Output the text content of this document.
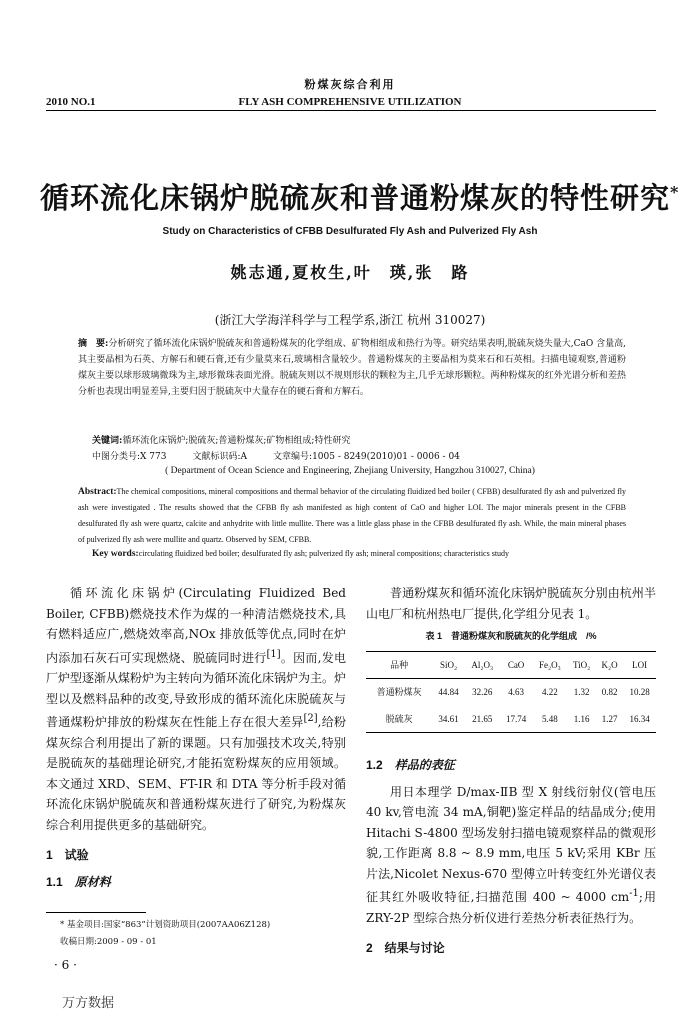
粉煤灰综合利用
2010 NO.1	FLY ASH COMPREHENSIVE UTILIZATION
循环流化床锅炉脱硫灰和普通粉煤灰的特性研究*
Study on Characteristics of CFBB Desulfurated Fly Ash and Pulverized Fly Ash
姚志通,夏枚生,叶　瑛,张　路
(浙江大学海洋科学与工程学系,浙江 杭州 310027)
摘　要:分析研究了循环流化床锅炉脱硫灰和普通粉煤灰的化学组成、矿物相组成和热行为等。研究结果表明,脱硫灰烧失量大,CaO 含量高,其主要晶相为石英、方解石和硬石膏,还有少量莫来石,玻璃相含量较少。普通粉煤灰的主要晶相为莫来石和石英相。扫描电镜观察,普通粉煤灰主要以球形玻璃微珠为主,球形微珠表面光滑。脱硫灰则以不规则形状的颗粒为主,几乎无球形颗粒。两种粉煤灰的红外光谱分析和差热分析也表现出明显差异,主要归因于脱硫灰中大量存在的硬石膏和方解石。
关键词:循环流化床锅炉;脱硫灰;普通粉煤灰;矿物相组成;特性研究
中图分类号:X 773	文献标识码:A	文章编号:1005 - 8249(2010)01 - 0006 - 04
( Department of Ocean Science and Engineering, Zhejiang University, Hangzhou 310027, China)
Abstract:The chemical compositions, mineral compositions and thermal behavior of the circulating fluidized bed boiler ( CFBB) desulfurated fly ash and pulverized fly ash were investigated . The results showed that the CFBB fly ash manifested as high content of CaO and higher LOI. The major minerals present in the CFBB desulfurated fly ash were quartz, calcite and anhydrite with little mullite. There was a little glass phase in the CFBB desulfurated fly ash. While, the main mineral phases of pulverized fly ash were mullite and quartz. Observed by SEM, CFBB.
Key words:circulating fluidized bed boiler; desulfurated fly ash; pulverized fly ash; mineral compositions; characteristics study

循环流化床锅炉(Circulating Fluidized Bed Boiler, CFBB)燃烧技术作为煤的一种清洁燃烧技术,具有燃料适应广,燃烧效率高,NOx 排放低等优点,同时在炉内添加石灰石可实现燃烧、脱硫同时进行[1]。因而,发电厂炉型逐渐从煤粉炉为主转向为循环流化床锅炉为主。炉型以及燃料品种的改变,导致形成的循环流化床脱硫灰与普通煤粉炉排放的粉煤灰在性能上存在很大差异[2],给粉煤灰综合利用提出了新的课题。只有加强技术攻关,特别是脱硫灰的基础理论研究,才能拓宽粉煤灰的应用领域。本文通过 XRD、SEM、FT-IR 和 DTA 等分析手段对循环流化床锅炉脱硫灰和普通粉煤灰进行了研究,为粉煤灰综合利用提供更多的基础研究。

1　试验
1.1　 原材料

普通粉煤灰和循环流化床锅炉脱硫灰分别由杭州半山电厂和杭州热电厂提供,化学组分见表 1。

表 1　普通粉煤灰和脱硫灰的化学组成　/%
品种	SiO₂	Al₂O₃	CaO	Fe₂O₃	TiO₂	K₂O	LOI
普通粉煤灰	44.84	32.26	4.63	4.22	1.32	0.82	10.28
脱硫灰	34.61	21.65	17.74	5.48	1.16	1.27	16.34
1.2　 样品的表征

用日本理学 D/max-ⅡB 型 X 射线衍射仪(管电压 40 kv,管电流 34 mA,铜靶)鉴定样品的结晶成分;使用 Hitachi S-4800 型场发射扫描电镜观察样品的微观形貌,工作距离 8.8 ~ 8.9 mm,电压 5 kV;采用 KBr 压片法,Nicolet Nexus-670 型傅立叶转变红外光谱仪表征其红外吸收特征,扫描范围 400 ~ 4000 $cm^{-1}$;用 ZRY-2P 型综合热分析仪进行差热分析表征热行为。

2　结果与讨论
* 基金项目:国家“863”计划资助项目(2007AA06Z128)
收稿日期:2009 - 09 - 01
· 6 ·
万方数据
